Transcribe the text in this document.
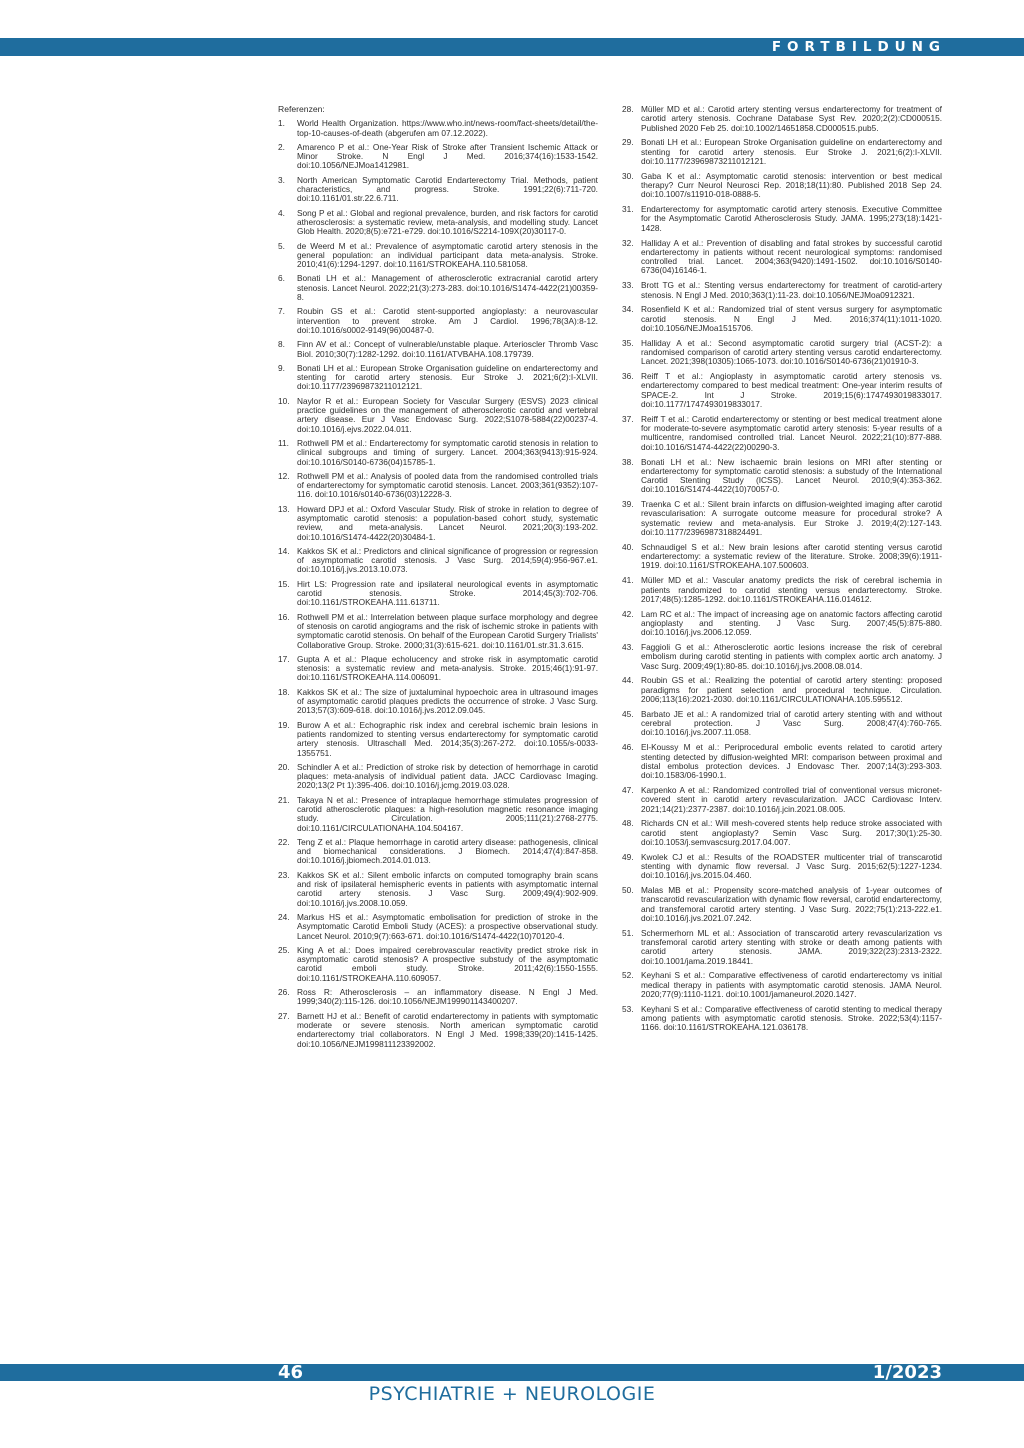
FORTBILDUNG
Referenzen:
1.	World Health Organization. https://www.who.int/news-room/fact-sheets/detail/the-top-10-causes-of-death (abgerufen am 07.12.2022).
2.	Amarenco P et al.: One-Year Risk of Stroke after Transient Ischemic Attack or Minor Stroke. N Engl J Med. 2016;374(16):1533-1542. doi:10.1056/NEJMoa1412981.
3.	North American Symptomatic Carotid Endarterectomy Trial. Methods, patient characteristics, and progress. Stroke. 1991;22(6):711-720. doi:10.1161/01.str.22.6.711.
4.	Song P et al.: Global and regional prevalence, burden, and risk factors for carotid atherosclerosis: a systematic review, meta-analysis, and modelling study. Lancet Glob Health. 2020;8(5):e721-e729. doi:10.1016/S2214-109X(20)30117-0.
5.	de Weerd M et al.: Prevalence of asymptomatic carotid artery stenosis in the general population: an individual participant data meta-analysis. Stroke. 2010;41(6):1294-1297. doi:10.1161/STROKEAHA.110.581058.
6.	Bonati LH et al.: Management of atherosclerotic extracranial carotid artery stenosis. Lancet Neurol. 2022;21(3):273-283. doi:10.1016/S1474-4422(21)00359-8.
7.	Roubin GS et al.: Carotid stent-supported angioplasty: a neurovascular intervention to prevent stroke. Am J Cardiol. 1996;78(3A):8-12. doi:10.1016/s0002-9149(96)00487-0.
8.	Finn AV et al.: Concept of vulnerable/unstable plaque. Arterioscler Thromb Vasc Biol. 2010;30(7):1282-1292. doi:10.1161/ATVBAHA.108.179739.
9.	Bonati LH et al.: European Stroke Organisation guideline on endarterectomy and stenting for carotid artery stenosis. Eur Stroke J. 2021;6(2):I-XLVII. doi:10.1177/23969873211012121.
10. Naylor R et al.: European Society for Vascular Surgery (ESVS) 2023 clinical practice guidelines on the management of atherosclerotic carotid and vertebral artery disease. Eur J Vasc Endovasc Surg. 2022;S1078-5884(22)00237-4. doi:10.1016/j.ejvs.2022.04.011.
11. Rothwell PM et al.: Endarterectomy for symptomatic carotid stenosis in relation to clinical subgroups and timing of surgery. Lancet. 2004;363(9413):915-924. doi:10.1016/S0140-6736(04)15785-1.
12. Rothwell PM et al.: Analysis of pooled data from the randomised controlled trials of endarterectomy for symptomatic carotid stenosis. Lancet. 2003;361(9352):107-116. doi:10.1016/s0140-6736(03)12228-3.
13. Howard DPJ et al.: Oxford Vascular Study. Risk of stroke in relation to degree of asymptomatic carotid stenosis: a population-based cohort study, systematic review, and meta-analysis. Lancet Neurol. 2021;20(3):193-202. doi:10.1016/S1474-4422(20)30484-1.
14. Kakkos SK et al.: Predictors and clinical significance of progression or regression of asymptomatic carotid stenosis. J Vasc Surg. 2014;59(4):956-967.e1. doi:10.1016/j.jvs.2013.10.073.
15. Hirt LS: Progression rate and ipsilateral neurological events in asymptomatic carotid stenosis. Stroke. 2014;45(3):702-706. doi:10.1161/STROKEAHA.111.613711.
16. Rothwell PM et al.: Interrelation between plaque surface morphology and degree of stenosis on carotid angiograms and the risk of ischemic stroke in patients with symptomatic carotid stenosis. On behalf of the European Carotid Surgery Trialists' Collaborative Group. Stroke. 2000;31(3):615-621. doi:10.1161/01.str.31.3.615.
17. Gupta A et al.: Plaque echolucency and stroke risk in asymptomatic carotid stenosis: a systematic review and meta-analysis. Stroke. 2015;46(1):91-97. doi:10.1161/STROKEAHA.114.006091.
18. Kakkos SK et al.: The size of juxtaluminal hypoechoic area in ultrasound images of asymptomatic carotid plaques predicts the occurrence of stroke. J Vasc Surg. 2013;57(3):609-618. doi:10.1016/j.jvs.2012.09.045.
19. Burow A et al.: Echographic risk index and cerebral ischemic brain lesions in patients randomized to stenting versus endarterectomy for symptomatic carotid artery stenosis. Ultraschall Med. 2014;35(3):267-272. doi:10.1055/s-0033-1355751.
20. Schindler A et al.: Prediction of stroke risk by detection of hemorrhage in carotid plaques: meta-analysis of individual patient data. JACC Cardiovasc Imaging. 2020;13(2 Pt 1):395-406. doi:10.1016/j.jcmg.2019.03.028.
21. Takaya N et al.: Presence of intraplaque hemorrhage stimulates progression of carotid atherosclerotic plaques: a high-resolution magnetic resonance imaging study. Circulation. 2005;111(21):2768-2775. doi:10.1161/CIRCULATIONAHA.104.504167.
22. Teng Z et al.: Plaque hemorrhage in carotid artery disease: pathogenesis, clinical and biomechanical considerations. J Biomech. 2014;47(4):847-858. doi:10.1016/j.jbiomech.2014.01.013.
23. Kakkos SK et al.: Silent embolic infarcts on computed tomography brain scans and risk of ipsilateral hemispheric events in patients with asymptomatic internal carotid artery stenosis. J Vasc Surg. 2009;49(4):902-909. doi:10.1016/j.jvs.2008.10.059.
24. Markus HS et al.: Asymptomatic embolisation for prediction of stroke in the Asymptomatic Carotid Emboli Study (ACES): a prospective observational study. Lancet Neurol. 2010;9(7):663-671. doi:10.1016/S1474-4422(10)70120-4.
25. King A et al.: Does impaired cerebrovascular reactivity predict stroke risk in asymptomatic carotid stenosis? A prospective substudy of the asymptomatic carotid emboli study. Stroke. 2011;42(6):1550-1555. doi:10.1161/STROKEAHA.110.609057.
26. Ross R: Atherosclerosis – an inflammatory disease. N Engl J Med. 1999;340(2):115-126. doi:10.1056/NEJM199901143400207.
27. Barnett HJ et al.: Benefit of carotid endarterectomy in patients with symptomatic moderate or severe stenosis. North american symptomatic carotid endarterectomy trial collaborators. N Engl J Med. 1998;339(20):1415-1425. doi:10.1056/NEJM199811123392002.
28. Müller MD et al.: Carotid artery stenting versus endarterectomy for treatment of carotid artery stenosis. Cochrane Database Syst Rev. 2020;2(2):CD000515. Published 2020 Feb 25. doi:10.1002/14651858.CD000515.pub5.
29. Bonati LH et al.: European Stroke Organisation guideline on endarterectomy and stenting for carotid artery stenosis. Eur Stroke J. 2021;6(2):I-XLVII. doi:10.1177/23969873211012121.
30. Gaba K et al.: Asymptomatic carotid stenosis: intervention or best medical therapy? Curr Neurol Neurosci Rep. 2018;18(11):80. Published 2018 Sep 24. doi:10.1007/s11910-018-0888-5.
31. Endarterectomy for asymptomatic carotid artery stenosis. Executive Committee for the Asymptomatic Carotid Atherosclerosis Study. JAMA. 1995;273(18):1421-1428.
32. Halliday A et al.: Prevention of disabling and fatal strokes by successful carotid endarterectomy in patients without recent neurological symptoms: randomised controlled trial. Lancet. 2004;363(9420):1491-1502. doi:10.1016/S0140-6736(04)16146-1.
33. Brott TG et al.: Stenting versus endarterectomy for treatment of carotid-artery stenosis. N Engl J Med. 2010;363(1):11-23. doi:10.1056/NEJMoa0912321.
34. Rosenfield K et al.: Randomized trial of stent versus surgery for asymptomatic carotid stenosis. N Engl J Med. 2016;374(11):1011-1020. doi:10.1056/NEJMoa1515706.
35. Halliday A et al.: Second asymptomatic carotid surgery trial (ACST-2): a randomised comparison of carotid artery stenting versus carotid endarterectomy. Lancet. 2021;398(10305):1065-1073. doi:10.1016/S0140-6736(21)01910-3.
36. Reiff T et al.: Angioplasty in asymptomatic carotid artery stenosis vs. endarterectomy compared to best medical treatment: One-year interim results of SPACE-2. Int J Stroke. 2019;15(6):1747493019833017. doi:10.1177/1747493019833017.
37. Reiff T et al.: Carotid endarterectomy or stenting or best medical treatment alone for moderate-to-severe asymptomatic carotid artery stenosis: 5-year results of a multicentre, randomised controlled trial. Lancet Neurol. 2022;21(10):877-888. doi:10.1016/S1474-4422(22)00290-3.
38. Bonati LH et al.: New ischaemic brain lesions on MRI after stenting or endarterectomy for symptomatic carotid stenosis: a substudy of the International Carotid Stenting Study (ICSS). Lancet Neurol. 2010;9(4):353-362. doi:10.1016/S1474-4422(10)70057-0.
39. Traenka C et al.: Silent brain infarcts on diffusion-weighted imaging after carotid revascularisation: A surrogate outcome measure for procedural stroke? A systematic review and meta-analysis. Eur Stroke J. 2019;4(2):127-143. doi:10.1177/2396987318824491.
40. Schnaudigel S et al.: New brain lesions after carotid stenting versus carotid endarterectomy: a systematic review of the literature. Stroke. 2008;39(6):1911-1919. doi:10.1161/STROKEAHA.107.500603.
41. Müller MD et al.: Vascular anatomy predicts the risk of cerebral ischemia in patients randomized to carotid stenting versus endarterectomy. Stroke. 2017;48(5):1285-1292. doi:10.1161/STROKEAHA.116.014612.
42. Lam RC et al.: The impact of increasing age on anatomic factors affecting carotid angioplasty and stenting. J Vasc Surg. 2007;45(5):875-880. doi:10.1016/j.jvs.2006.12.059.
43. Faggioli G et al.: Atherosclerotic aortic lesions increase the risk of cerebral embolism during carotid stenting in patients with complex aortic arch anatomy. J Vasc Surg. 2009;49(1):80-85. doi:10.1016/j.jvs.2008.08.014.
44. Roubin GS et al.: Realizing the potential of carotid artery stenting: proposed paradigms for patient selection and procedural technique. Circulation. 2006;113(16):2021-2030. doi:10.1161/CIRCULATIONAHA.105.595512.
45. Barbato JE et al.: A randomized trial of carotid artery stenting with and without cerebral protection. J Vasc Surg. 2008;47(4):760-765. doi:10.1016/j.jvs.2007.11.058.
46. El-Koussy M et al.: Periprocedural embolic events related to carotid artery stenting detected by diffusion-weighted MRI: comparison between proximal and distal embolus protection devices. J Endovasc Ther. 2007;14(3):293-303. doi:10.1583/06-1990.1.
47. Karpenko A et al.: Randomized controlled trial of conventional versus micronet-covered stent in carotid artery revascularization. JACC Cardiovasc Interv. 2021;14(21):2377-2387. doi:10.1016/j.jcin.2021.08.005.
48. Richards CN et al.: Will mesh-covered stents help reduce stroke associated with carotid stent angioplasty? Semin Vasc Surg. 2017;30(1):25-30. doi:10.1053/j.semvascsurg.2017.04.007.
49. Kwolek CJ et al.: Results of the ROADSTER multicenter trial of transcarotid stenting with dynamic flow reversal. J Vasc Surg. 2015;62(5):1227-1234. doi:10.1016/j.jvs.2015.04.460.
50. Malas MB et al.: Propensity score-matched analysis of 1-year outcomes of transcarotid revascularization with dynamic flow reversal, carotid endarterectomy, and transfemoral carotid artery stenting. J Vasc Surg. 2022;75(1):213-222.e1. doi:10.1016/j.jvs.2021.07.242.
51. Schermerhorn ML et al.: Association of transcarotid artery revascularization vs transfemoral carotid artery stenting with stroke or death among patients with carotid artery stenosis. JAMA. 2019;322(23):2313-2322. doi:10.1001/jama.2019.18441.
52. Keyhani S et al.: Comparative effectiveness of carotid endarterectomy vs initial medical therapy in patients with asymptomatic carotid stenosis. JAMA Neurol. 2020;77(9):1110-1121. doi:10.1001/jamaneurol.2020.1427.
53. Keyhani S et al.: Comparative effectiveness of carotid stenting to medical therapy among patients with asymptomatic carotid stenosis. Stroke. 2022;53(4):1157-1166. doi:10.1161/STROKEAHA.121.036178.
46	1/2023
PSYCHIATRIE + NEUROLOGIE
